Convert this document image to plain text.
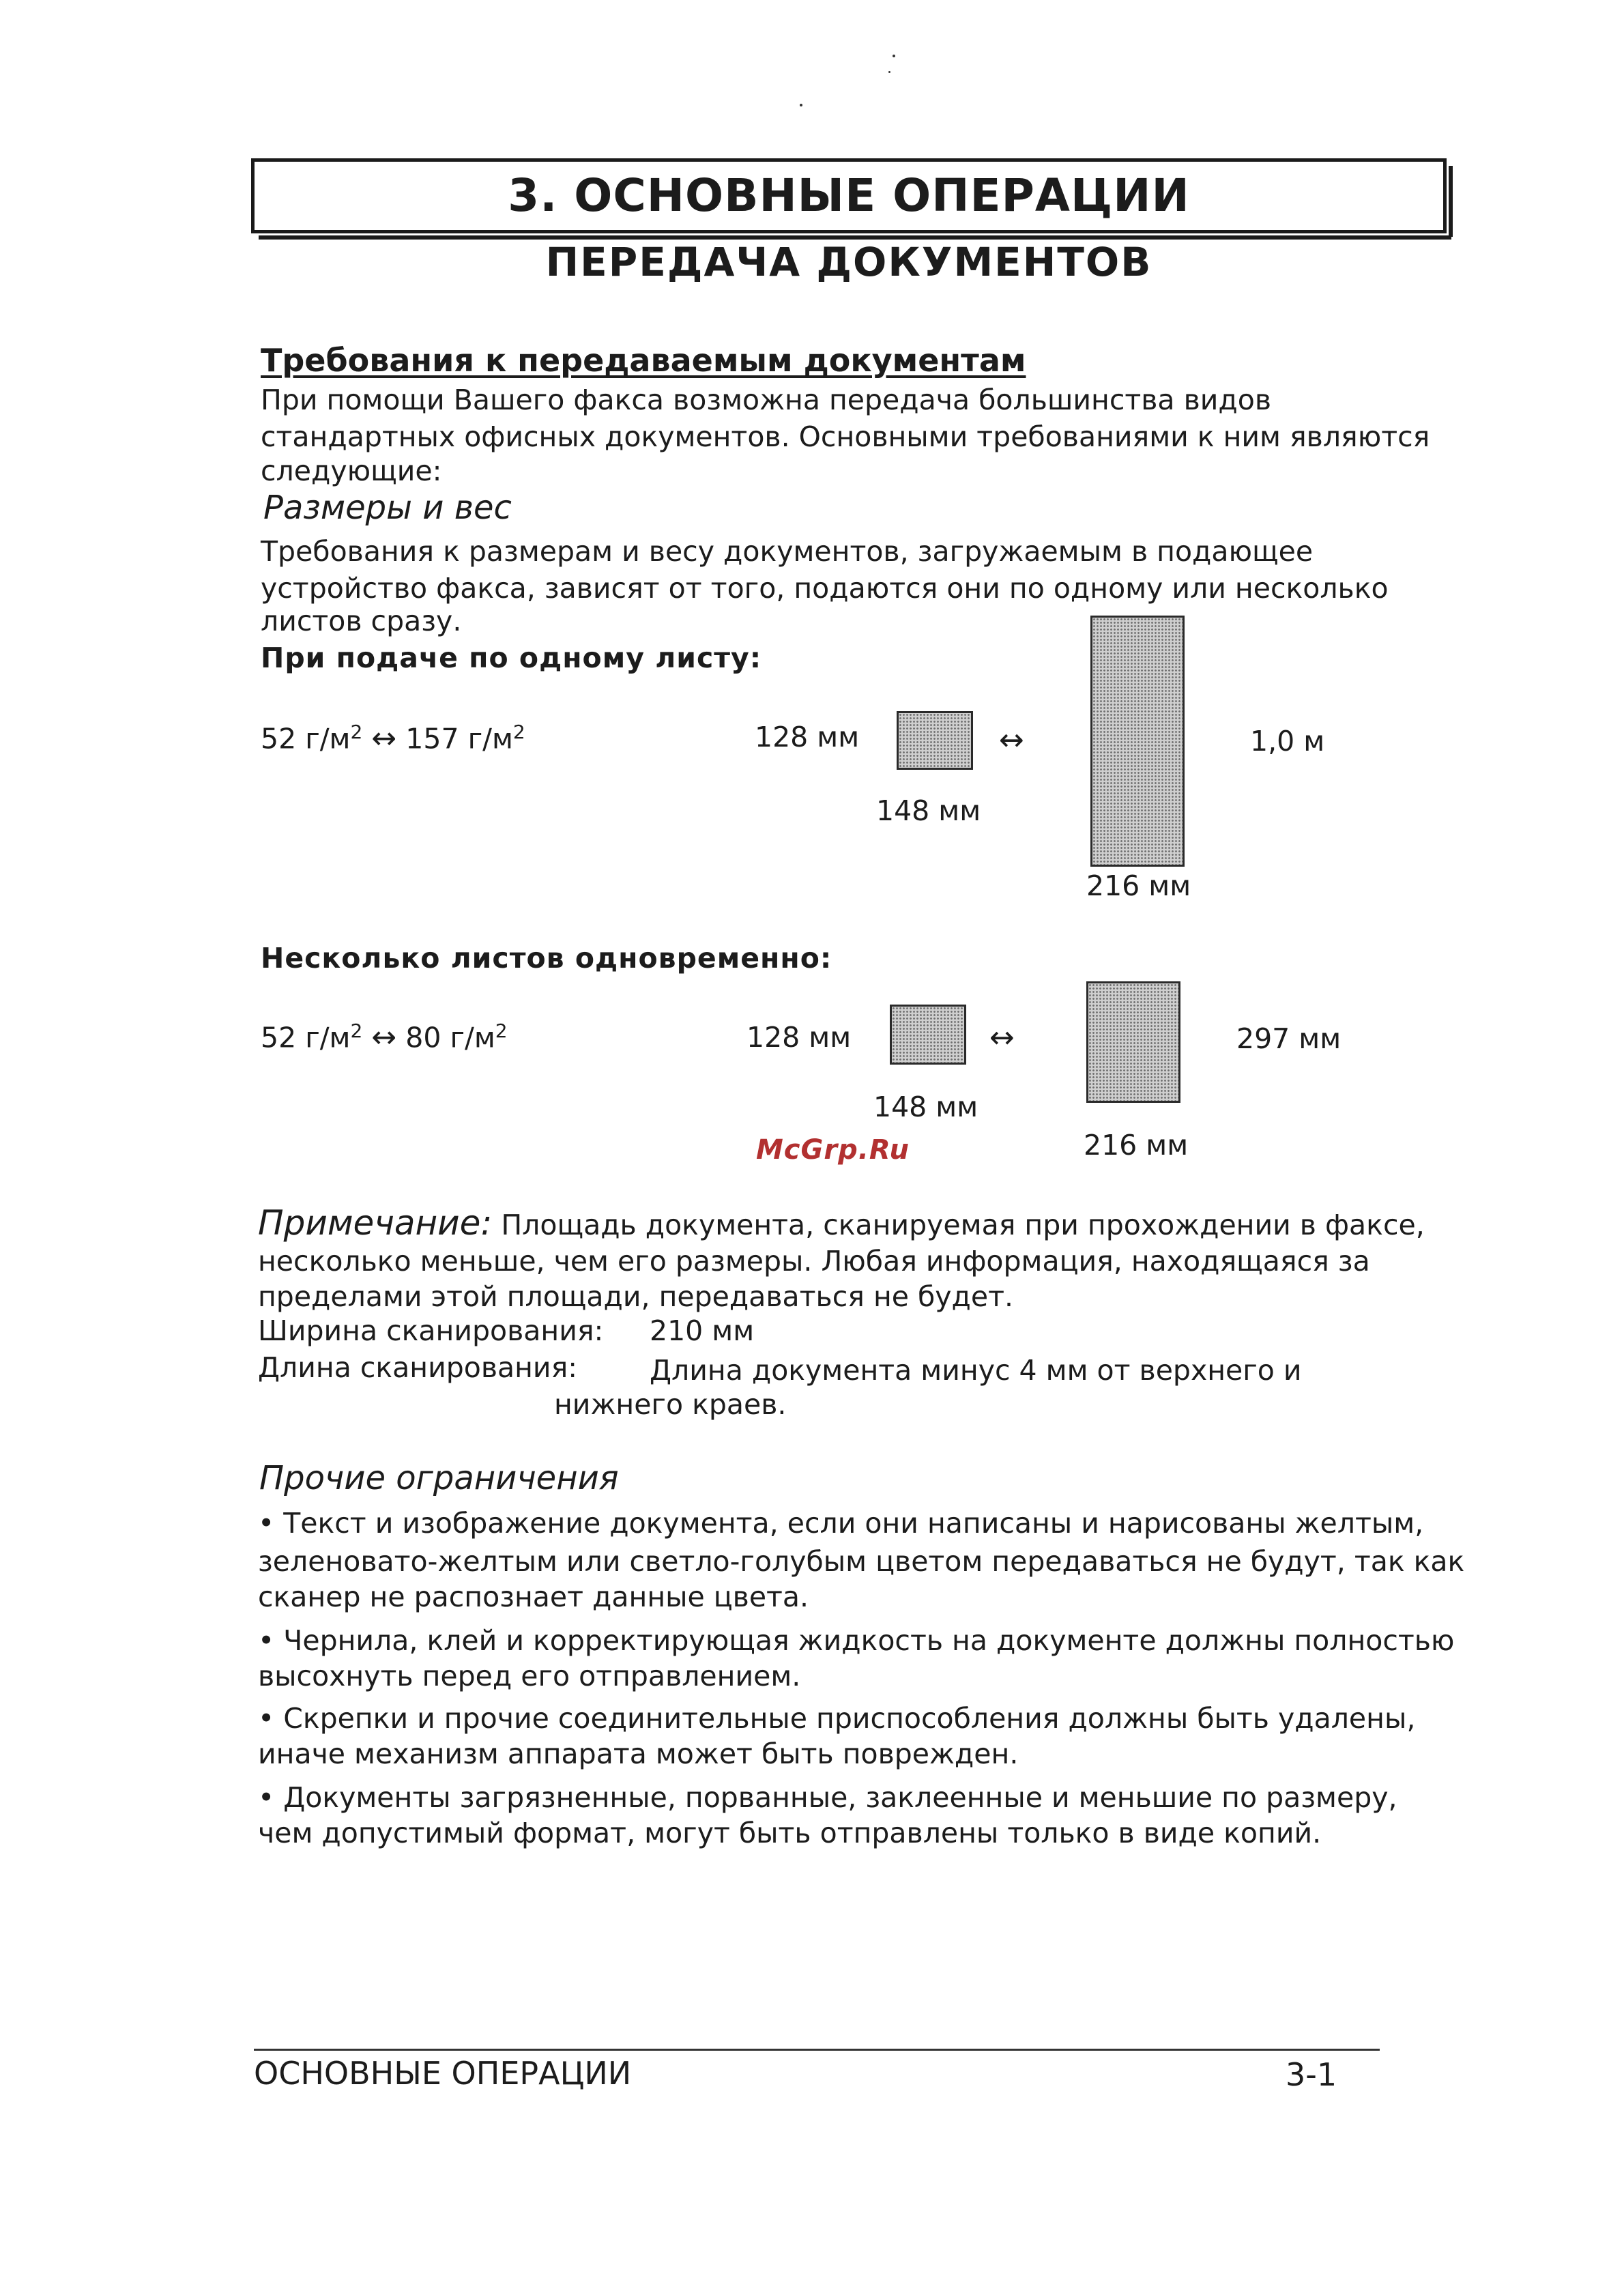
3. ОСНОВНЫЕ ОПЕРАЦИИ
ПЕРЕДАЧА ДОКУМЕНТОВ
Требования к передаваемым документам
При помощи Вашего факса возможна передача большинства видов
стандартных офисных документов. Основными требованиями к ним являются
следующие:
Размеры и вес
Требования к размерам и весу документов, загружаемым в подающее
устройство факса, зависят от того, подаются они по одному или несколько
листов сразу.
При подаче по одному листу:
52 $г/м^2$ ↔ 157 $г/м^2$	128 мм	↔	1,0 м
148 мм
216 мм
Несколько листов одновременно:
52 $г/м^2$ ↔ 80 $г/м^2$	128 мм	↔	297 мм
148 мм
216 мм
McGrp.Ru
Примечание: Площадь документа, сканируемая при прохождении в факсе,
несколько меньше, чем его размеры. Любая информация, находящаяся за
пределами этой площади, передаваться не будет.
Ширина сканирования: 210 мм
Длина сканирования:	Длина документа минус 4 мм от верхнего и
нижнего краев.
Прочие ограничения
• Текст и изображение документа, если они написаны и нарисованы желтым,
зеленовато-желтым или светло-голубым цветом передаваться не будут, так как
сканер не распознает данные цвета.
• Чернила, клей и корректирующая жидкость на документе должны полностью
высохнуть перед его отправлением.
• Скрепки и прочие соединительные приспособления должны быть удалены,
иначе механизм аппарата может быть поврежден.
• Документы загрязненные, порванные, заклеенные и меньшие по размеру,
чем допустимый формат, могут быть отправлены только в виде копий.
ОСНОВНЫЕ ОПЕРАЦИИ	3-1
